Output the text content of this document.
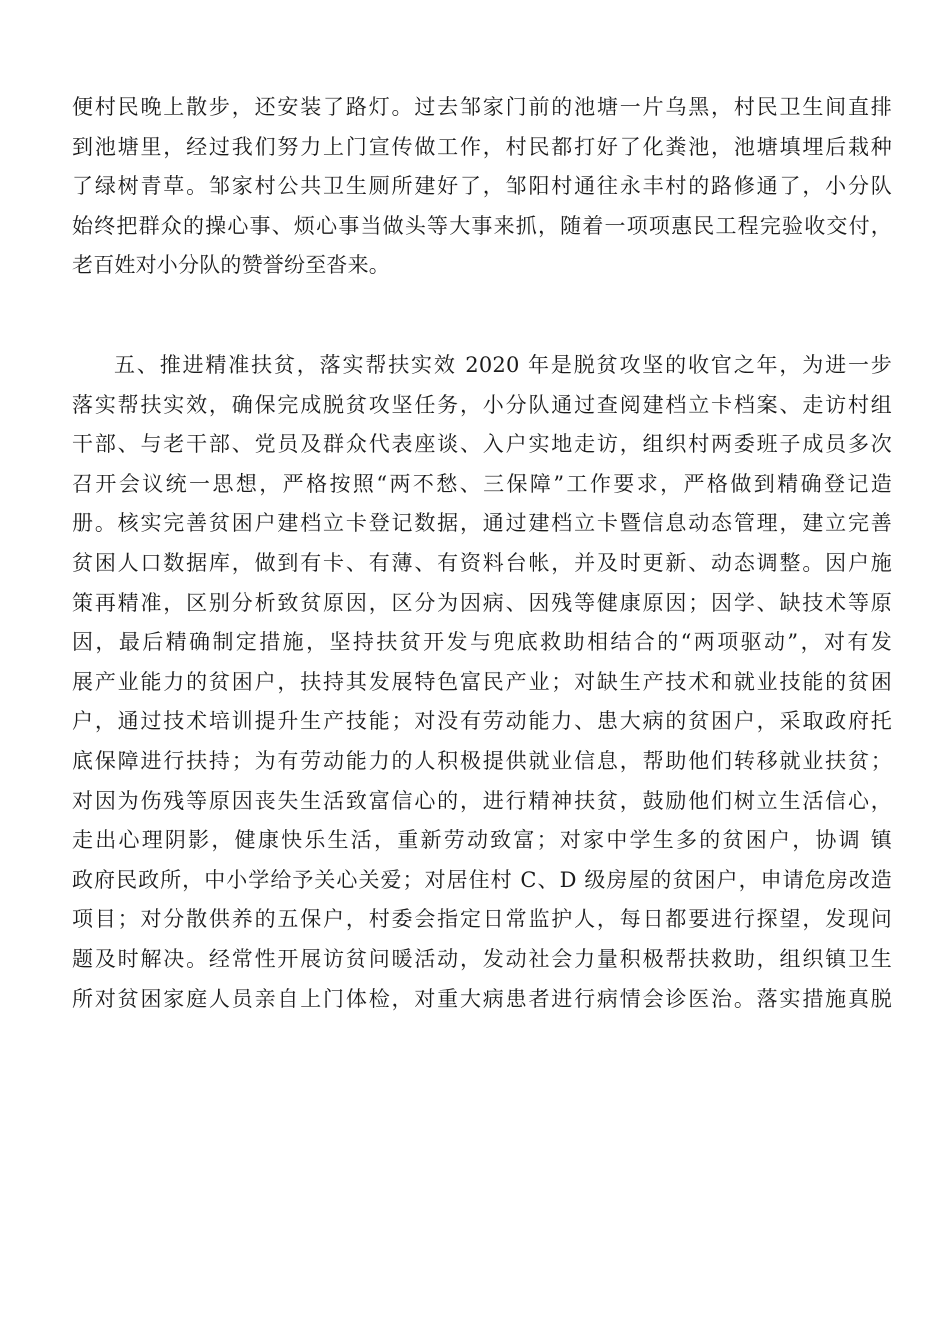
便村民晚上散步，还安装了路灯。过去邹家门前的池塘一片乌黑，村民卫生间直排
到池塘里，经过我们努力上门宣传做工作，村民都打好了化粪池，池塘填埋后栽种
了绿树青草。邹家村公共卫生厕所建好了，邹阳村通往永丰村的路修通了，小分队
始终把群众的操心事、烦心事当做头等大事来抓，随着一项项惠民工程完验收交付，
老百姓对小分队的赞誉纷至沓来。
五、推进精准扶贫，落实帮扶实效 2020 年是脱贫攻坚的收官之年，为进一步
落实帮扶实效，确保完成脱贫攻坚任务，小分队通过查阅建档立卡档案、走访村组
干部、与老干部、党员及群众代表座谈、入户实地走访，组织村两委班子成员多次
召开会议统一思想，严格按照“两不愁、三保障”工作要求，严格做到精确登记造
册。核实完善贫困户建档立卡登记数据，通过建档立卡暨信息动态管理，建立完善
贫困人口数据库，做到有卡、有薄、有资料台帐，并及时更新、动态调整。因户施
策再精准，区别分析致贫原因，区分为因病、因残等健康原因；因学、缺技术等原
因，最后精确制定措施，坚持扶贫开发与兜底救助相结合的“两项驱动”，对有发
展产业能力的贫困户，扶持其发展特色富民产业；对缺生产技术和就业技能的贫困
户，通过技术培训提升生产技能；对没有劳动能力、患大病的贫困户，采取政府托
底保障进行扶持；为有劳动能力的人积极提供就业信息，帮助他们转移就业扶贫；
对因为伤残等原因丧失生活致富信心的，进行精神扶贫，鼓励他们树立生活信心，
走出心理阴影，健康快乐生活，重新劳动致富；对家中学生多的贫困户，协调 镇
政府民政所，中小学给予关心关爱；对居住村 C、D 级房屋的贫困户，申请危房改造
项目；对分散供养的五保户，村委会指定日常监护人，每日都要进行探望，发现问
题及时解决。经常性开展访贫问暖活动，发动社会力量积极帮扶救助，组织镇卫生
所对贫困家庭人员亲自上门体检，对重大病患者进行病情会诊医治。落实措施真脱
